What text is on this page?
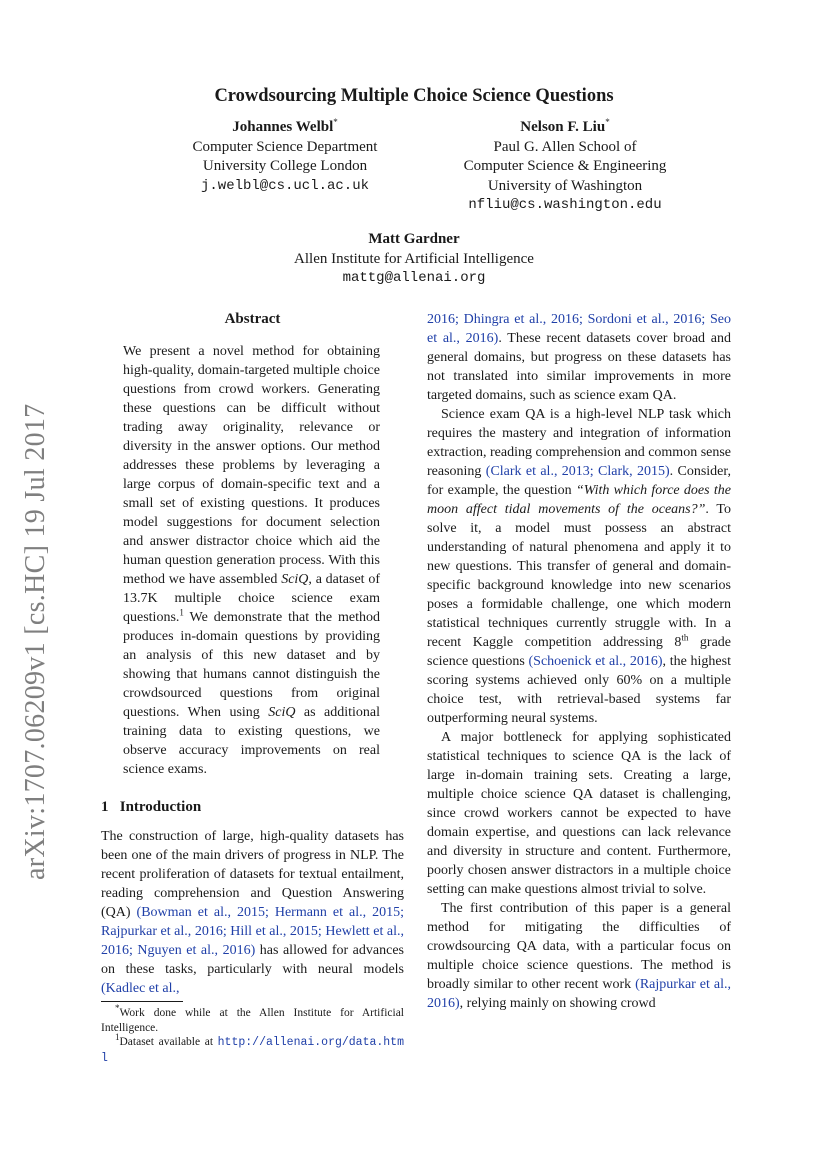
arXiv:1707.06209v1 [cs.HC] 19 Jul 2017
Crowdsourcing Multiple Choice Science Questions
Johannes Welbl*
Computer Science Department
University College London
j.welbl@cs.ucl.ac.uk
Nelson F. Liu*
Paul G. Allen School of
Computer Science & Engineering
University of Washington
nfliu@cs.washington.edu
Matt Gardner
Allen Institute for Artificial Intelligence
mattg@allenai.org
Abstract

We present a novel method for obtaining high-quality, domain-targeted multiple choice questions from crowd workers. Generating these questions can be difficult without trading away originality, relevance or diversity in the answer options. Our method addresses these problems by leveraging a large corpus of domain-specific text and a small set of existing questions. It produces model suggestions for document selection and answer distractor choice which aid the human question generation process. With this method we have assembled SciQ, a dataset of 13.7K multiple choice science exam questions.$^1$ We demonstrate that the method produces in-domain questions by providing an analysis of this new dataset and by showing that humans cannot distinguish the crowdsourced questions from original questions. When using SciQ as additional training data to existing questions, we observe accuracy improvements on real science exams.

1 Introduction

The construction of large, high-quality datasets has been one of the main drivers of progress in NLP. The recent proliferation of datasets for textual entailment, reading comprehension and Question Answering (QA) (Bowman et al., 2015; Hermann et al., 2015; Rajpurkar et al., 2016; Hill et al., 2015; Hewlett et al., 2016; Nguyen et al., 2016) has allowed for advances on these tasks, particularly with neural models (Kadlec et al.,

*Work done while at the Allen Institute for Artificial Intelligence.
$^1$Dataset available at http://allenai.org/data.html

2016; Dhingra et al., 2016; Sordoni et al., 2016; Seo et al., 2016). These recent datasets cover broad and general domains, but progress on these datasets has not translated into similar improvements in more targeted domains, such as science exam QA.

Science exam QA is a high-level NLP task which requires the mastery and integration of information extraction, reading comprehension and common sense reasoning (Clark et al., 2013; Clark, 2015). Consider, for example, the question “With which force does the moon affect tidal movements of the oceans?”. To solve it, a model must possess an abstract understanding of natural phenomena and apply it to new questions. This transfer of general and domain-specific background knowledge into new scenarios poses a formidable challenge, one which modern statistical techniques currently struggle with. In a recent Kaggle competition addressing 8th grade science questions (Schoenick et al., 2016), the highest scoring systems achieved only 60% on a multiple choice test, with retrieval-based systems far outperforming neural systems.

A major bottleneck for applying sophisticated statistical techniques to science QA is the lack of large in-domain training sets. Creating a large, multiple choice science QA dataset is challenging, since crowd workers cannot be expected to have domain expertise, and questions can lack relevance and diversity in structure and content. Furthermore, poorly chosen answer distractors in a multiple choice setting can make questions almost trivial to solve.

The first contribution of this paper is a general method for mitigating the difficulties of crowdsourcing QA data, with a particular focus on multiple choice science questions. The method is broadly similar to other recent work (Rajpurkar et al., 2016), relying mainly on showing crowd
